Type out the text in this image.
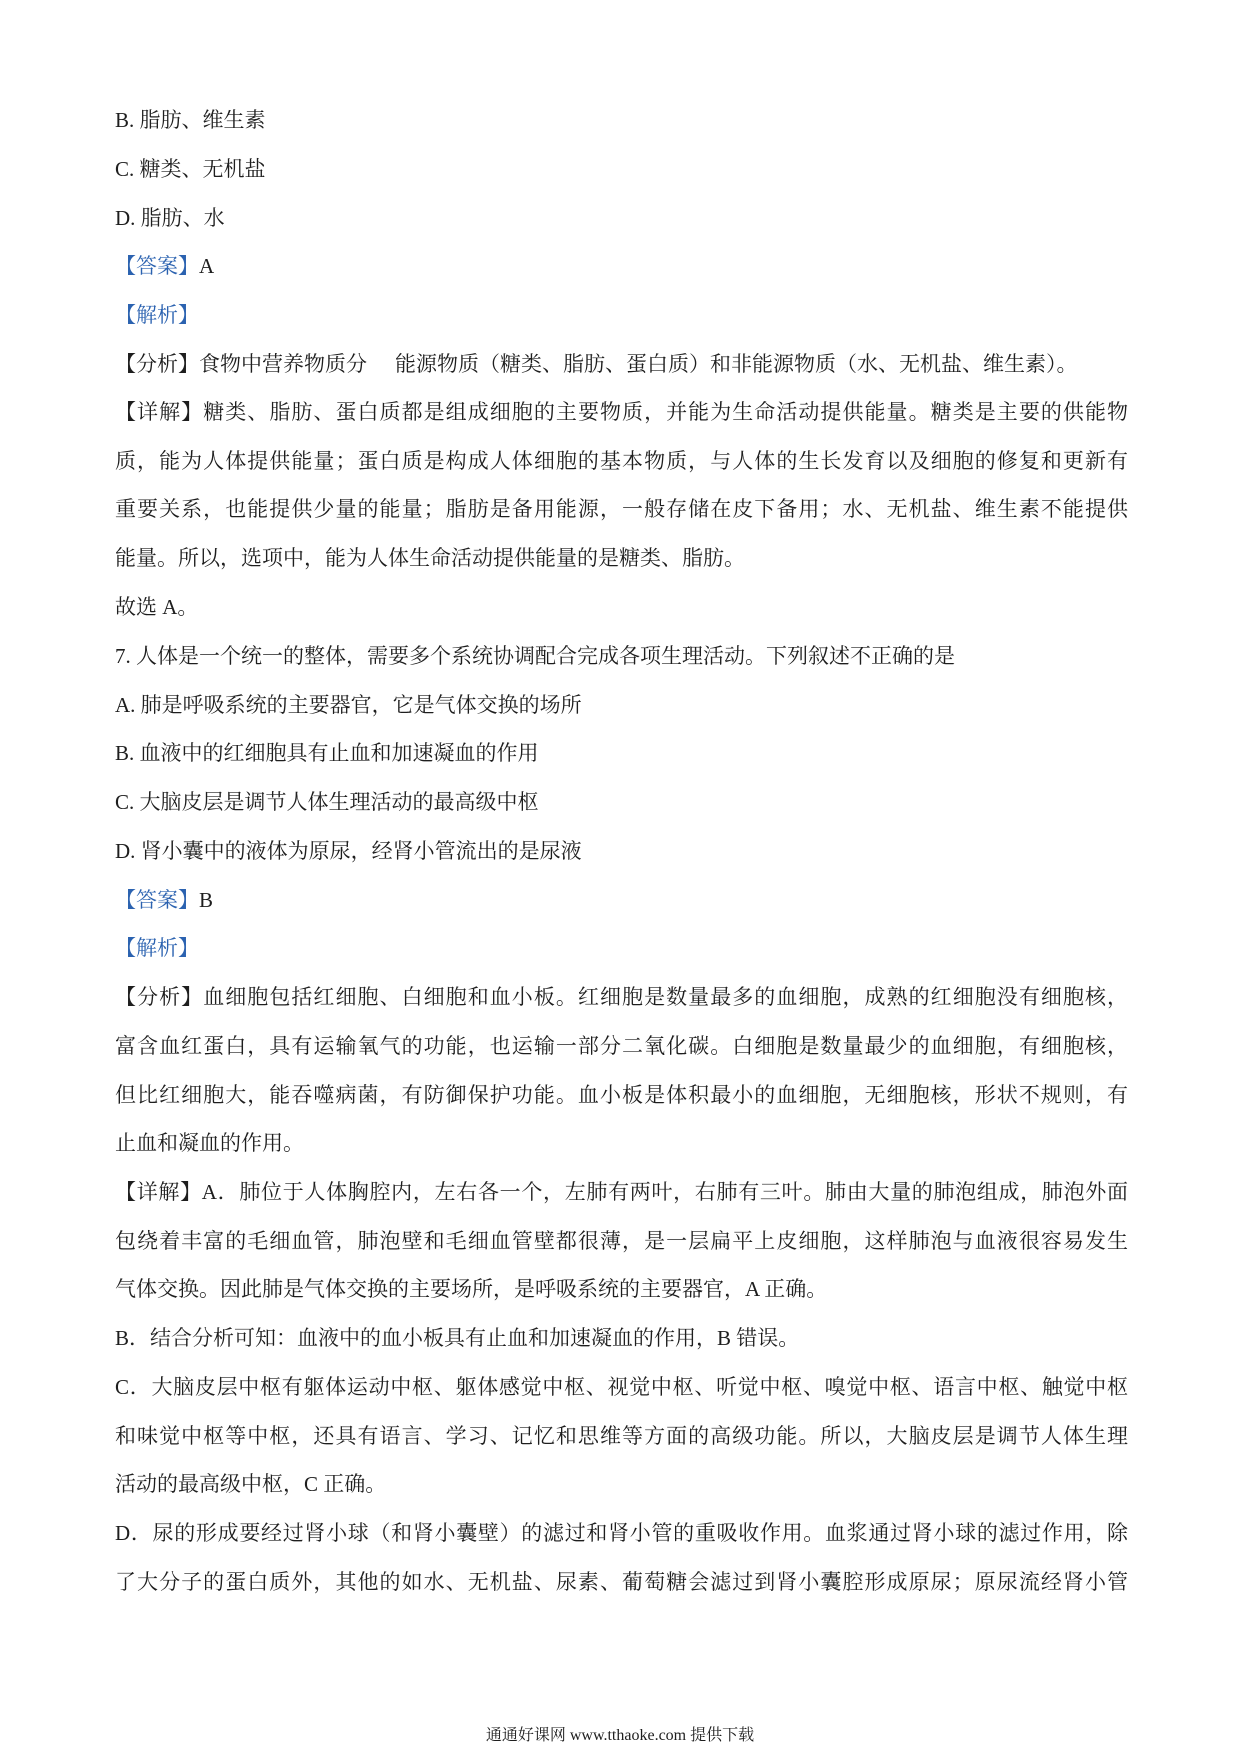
B. 脂肪、维生素
C. 糖类、无机盐
D. 脂肪、水
【答案】A
【解析】
【分析】食物中营养物质分 能源物质（糖类、脂肪、蛋白质）和非能源物质（水、无机盐、维生素）。
【详解】糖类、脂肪、蛋白质都是组成细胞的主要物质，并能为生命活动提供能量。糖类是主要的供能物
质，能为人体提供能量；蛋白质是构成人体细胞的基本物质，与人体的生长发育以及细胞的修复和更新有
重要关系，也能提供少量的能量；脂肪是备用能源，一般存储在皮下备用；水、无机盐、维生素不能提供
能量。所以，选项中，能为人体生命活动提供能量的是糖类、脂肪。
故选 A。
7. 人体是一个统一的整体，需要多个系统协调配合完成各项生理活动。下列叙述不正确的是
A. 肺是呼吸系统的主要器官，它是气体交换的场所
B. 血液中的红细胞具有止血和加速凝血的作用
C. 大脑皮层是调节人体生理活动的最高级中枢
D. 肾小囊中的液体为原尿，经肾小管流出的是尿液
【答案】B
【解析】
【分析】血细胞包括红细胞、白细胞和血小板。红细胞是数量最多的血细胞，成熟的红细胞没有细胞核，
富含血红蛋白，具有运输氧气的功能，也运输一部分二氧化碳。白细胞是数量最少的血细胞，有细胞核，
但比红细胞大，能吞噬病菌，有防御保护功能。血小板是体积最小的血细胞，无细胞核，形状不规则，有
止血和凝血的作用。
【详解】A．肺位于人体胸腔内，左右各一个，左肺有两叶，右肺有三叶。肺由大量的肺泡组成，肺泡外面
包绕着丰富的毛细血管，肺泡壁和毛细血管壁都很薄，是一层扁平上皮细胞，这样肺泡与血液很容易发生
气体交换。因此肺是气体交换的主要场所，是呼吸系统的主要器官，A 正确。
B．结合分析可知：血液中的血小板具有止血和加速凝血的作用，B 错误。
C．大脑皮层中枢有躯体运动中枢、躯体感觉中枢、视觉中枢、听觉中枢、嗅觉中枢、语言中枢、触觉中枢
和味觉中枢等中枢，还具有语言、学习、记忆和思维等方面的高级功能。所以，大脑皮层是调节人体生理
活动的最高级中枢，C 正确。
D．尿的形成要经过肾小球（和肾小囊壁）的滤过和肾小管的重吸收作用。血浆通过肾小球的滤过作用，除
了大分子的蛋白质外，其他的如水、无机盐、尿素、葡萄糖会滤过到肾小囊腔形成原尿；原尿流经肾小管
通通好课网 www.tthaoke.com 提供下载
